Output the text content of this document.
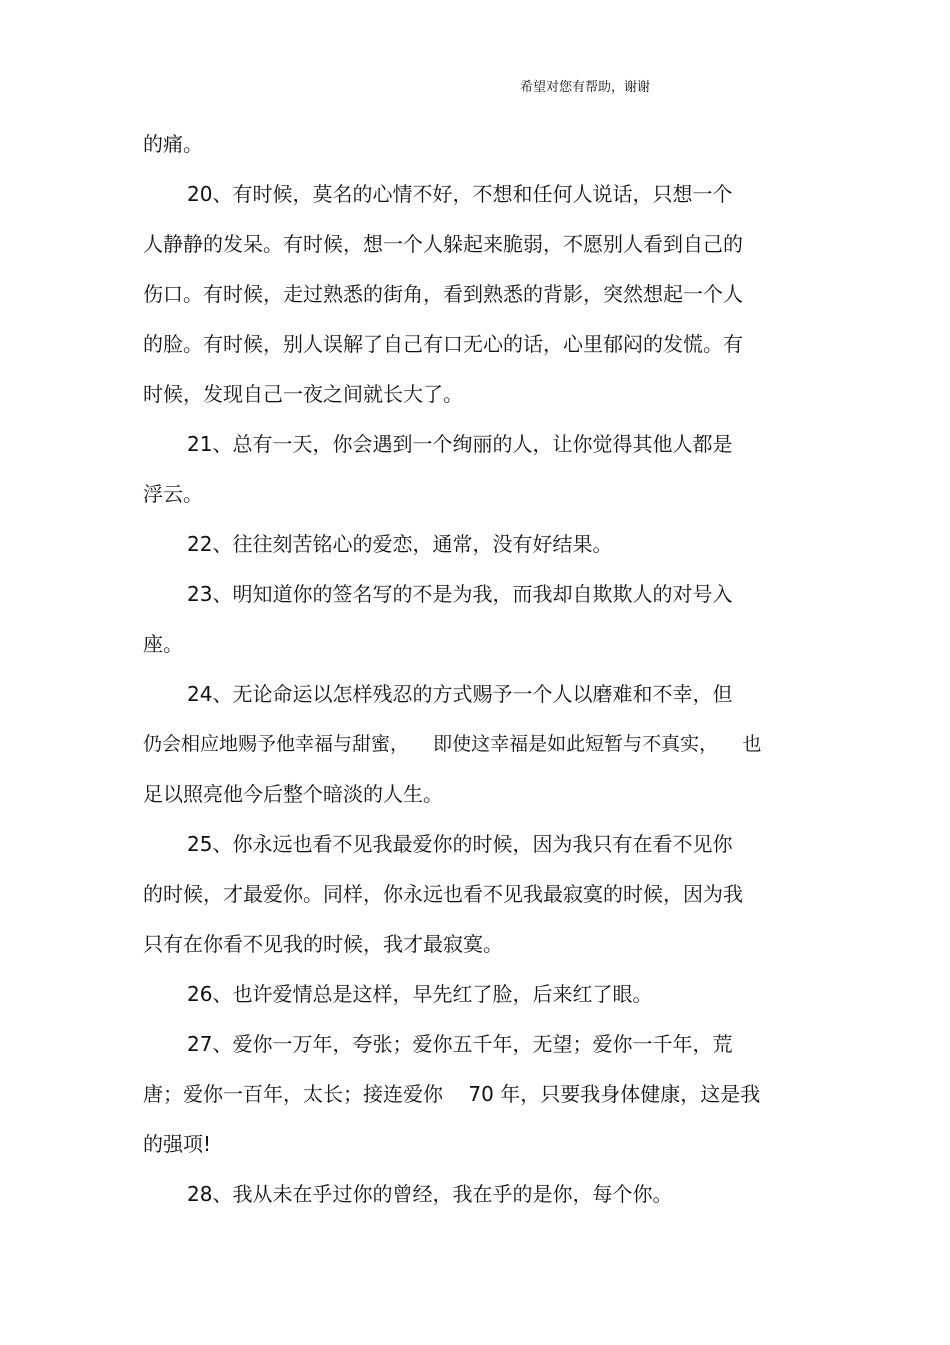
希望对您有帮助，谢谢
的痛。
20、有时候，莫名的心情不好，不想和任何人说话，只想一个
人静静的发呆。有时候，想一个人躲起来脆弱，不愿别人看到自己的
伤口。有时候，走过熟悉的街角，看到熟悉的背影，突然想起一个人
的脸。有时候，别人误解了自己有口无心的话，心里郁闷的发慌。有
时候，发现自己一夜之间就长大了。
21、总有一天，你会遇到一个绚丽的人，让你觉得其他人都是
浮云。
22、往往刻苦铭心的爱恋，通常，没有好结果。
23、明知道你的签名写的不是为我，而我却自欺欺人的对号入
座。
24、无论命运以怎样残忍的方式赐予一个人以磨难和不幸，但
仍会相应地赐予他幸福与甜蜜，    即使这幸福是如此短暂与不真实，    也
足以照亮他今后整个暗淡的人生。
25、你永远也看不见我最爱你的时候，因为我只有在看不见你
的时候，才最爱你。同样，你永远也看不见我最寂寞的时候，因为我
只有在你看不见我的时候，我才最寂寞。
26、也许爱情总是这样，早先红了脸，后来红了眼。
27、爱你一万年，夸张；爱你五千年，无望；爱你一千年，荒
唐；爱你一百年，太长；接连爱你    70 年，只要我身体健康，这是我
的强项!
28、我从未在乎过你的曾经，我在乎的是你，每个你。
